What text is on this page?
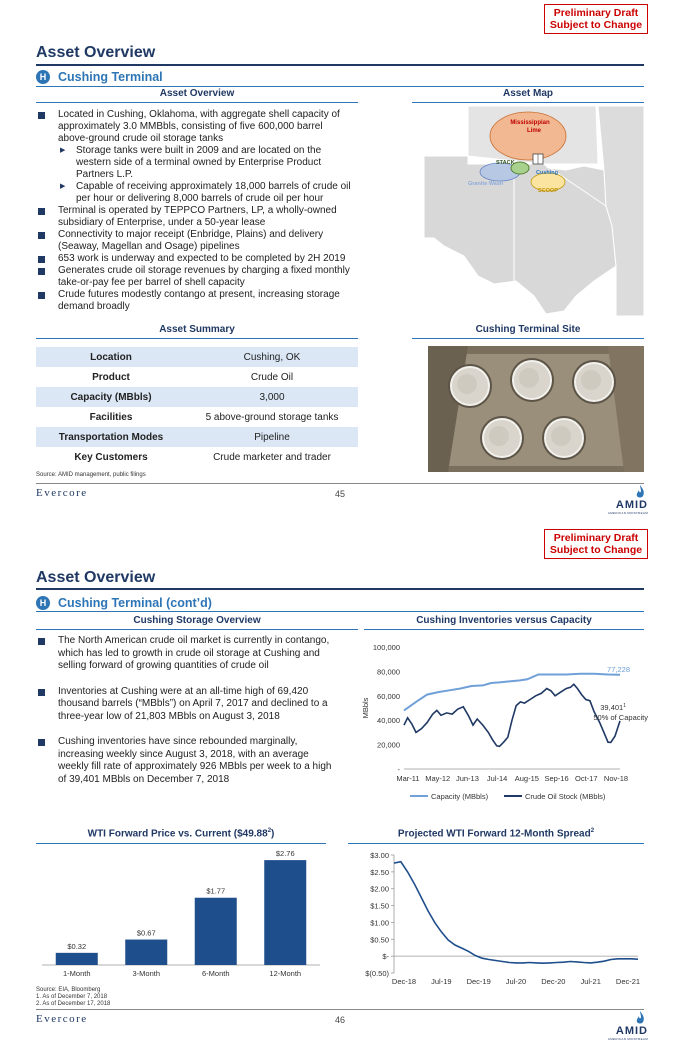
Preliminary Draft
Subject to Change
Asset Overview
H Cushing Terminal
Asset Overview	Asset Map
Located in Cushing, Oklahoma, with aggregate shell capacity of approximately 3.0 MMBbls, consisting of five 600,000 barrel above-ground crude oil storage tanks
▶ Storage tanks were built in 2009 and are located on the western side of a terminal owned by Enterprise Product Partners L.P.
▶ Capable of receiving approximately 18,000 barrels of crude oil per hour or delivering 8,000 barrels of crude oil per hour
Terminal is operated by TEPPCO Partners, LP, a wholly-owned subsidiary of Enterprise, under a 50-year lease
Connectivity to major receipt (Enbridge, Plains) and delivery (Seaway, Magellan and Osage) pipelines
653 work is underway and expected to be completed by 2H 2019
Generates crude oil storage revenues by charging a fixed monthly take-or-pay fee per barrel of shell capacity
Crude futures modestly contango at present, increasing storage demand broadly
Mississippian
Lime
STACK
Cushing
Granite Wash
SCOOP
Asset Summary	Cushing Terminal Site
Location	Cushing, OK
Product	Crude Oil
Capacity (MBbls)	3,000
Facilities	5 above-ground storage tanks
Transportation Modes	Pipeline
Key Customers	Crude marketer and trader
Source: AMID management, public filings
Evercore	45
AMID
AMERICAN MIDSTREAM
Preliminary Draft
Subject to Change
Asset Overview
H Cushing Terminal (cont’d)
Cushing Storage Overview	Cushing Inventories versus Capacity
The North American crude oil market is currently in contango, which has led to growth in crude oil storage at Cushing and selling forward of growing quantities of crude oil
Inventories at Cushing were at an all-time high of 69,420 thousand barrels (“MBbls”) on April 7, 2017 and declined to a three-year low of 21,803 MBbls on August 3, 2018
Cushing inventories have since rebounded marginally, increasing weekly since August 3, 2018, with an average weekly fill rate of approximately 926 MBbls per week to a high of 39,401 MBbls on December 7, 2018
-
20,000
40,000
60,000
80,000
100,000
Mar-11 May-12 Jun-13 Jul-14 Aug-15 Sep-16 Oct-17 Nov-18
MBbls
77,228
39,401$^1$
50% of Capacity
Capacity (MBbls)	Crude Oil Stock (MBbls)
WTI Forward Price vs. Current ($49.88$^2$)	Projected WTI Forward 12-Month Spread$^2$
$0.32
1-Month
$0.67
3-Month
$1.77
6-Month
$2.76
12-Month	$(0.50)
$-
$0.50
$1.00
$1.50
$2.00
$2.50
$3.00
Dec-18 Jul-19 Dec-19 Jul-20 Dec-20 Jul-21 Dec-21
Source: EIA, Bloomberg
1. As of December 7, 2018
2. As of December 17, 2018
Evercore	46
AMID
AMERICAN MIDSTREAM
